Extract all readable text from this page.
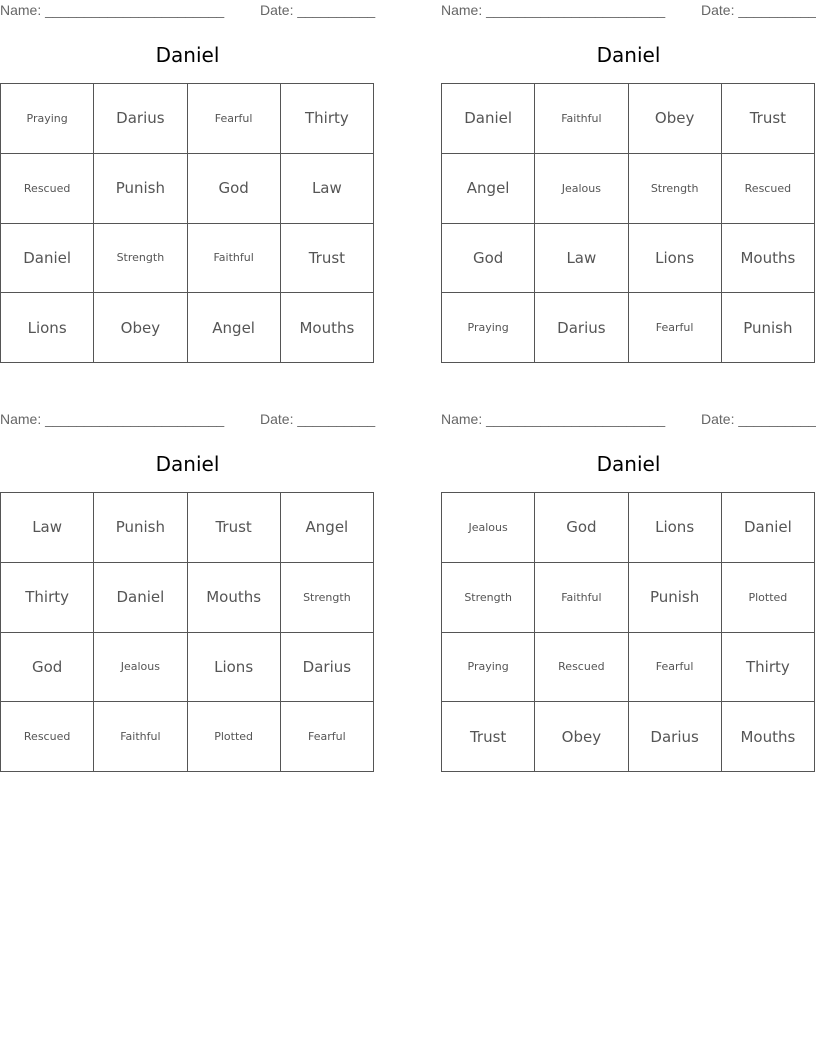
Name: _______________________	Date: __________
Daniel
Praying	Darius	Fearful	Thirty
Rescued	Punish	God	Law
Daniel	Strength	Faithful	Trust
Lions	Obey	Angel	Mouths
Name: _______________________	Date: __________
Daniel
Daniel	Faithful	Obey	Trust
Angel	Jealous	Strength	Rescued
God	Law	Lions	Mouths
Praying	Darius	Fearful	Punish
Name: _______________________	Date: __________
Daniel
Law	Punish	Trust	Angel
Thirty	Daniel	Mouths	Strength
God	Jealous	Lions	Darius
Rescued	Faithful	Plotted	Fearful
Name: _______________________	Date: __________
Daniel
Jealous	God	Lions	Daniel
Strength	Faithful	Punish	Plotted
Praying	Rescued	Fearful	Thirty
Trust	Obey	Darius	Mouths
